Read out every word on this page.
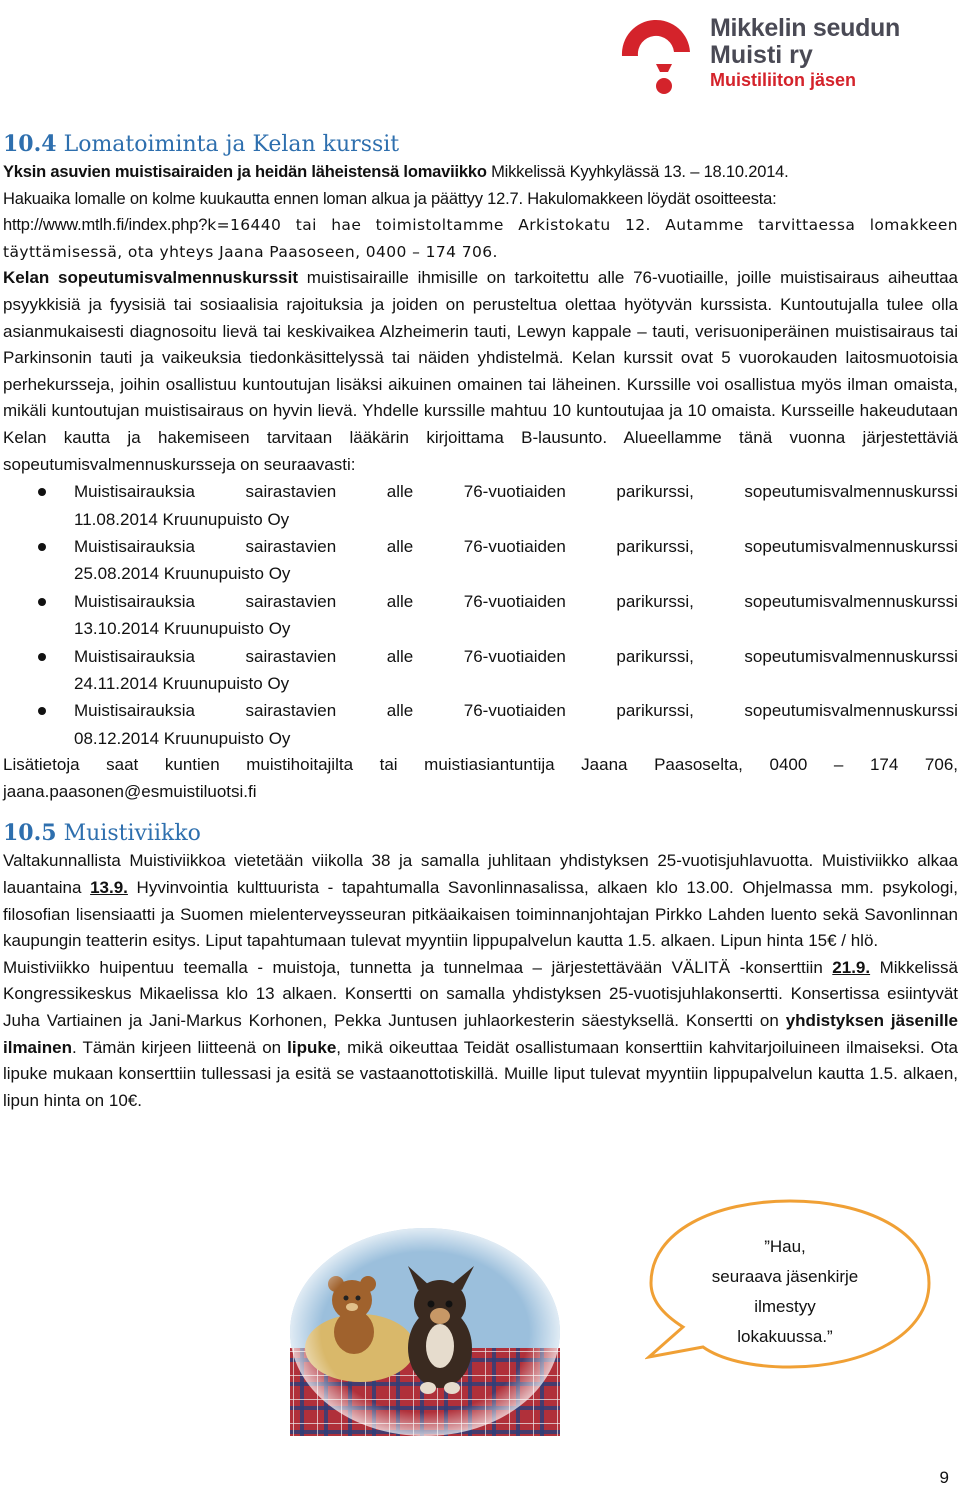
Mikkelin seudun
Muisti ry
Muistiliiton jäsen
10.4 Lomatoiminta ja Kelan kurssit

Yksin asuvien muistisairaiden ja heidän läheistensä lomaviikko Mikkelissä Kyyhkylässä 13. – 18.10.2014.

Hakuaika lomalle on kolme kuukautta ennen loman alkua ja päättyy 12.7. Hakulomakkeen löydät osoitteesta:

http://www.mtlh.fi/index.php?k=16440 tai hae toimistoltamme Arkistokatu 12. Autamme tarvittaessa lomakkeen täyttämisessä, ota yhteys Jaana Paasoseen, 0400 – 174 706.

Kelan sopeutumisvalmennuskurssit muistisairaille ihmisille on tarkoitettu alle 76-vuotiaille, joille muistisairaus aiheuttaa psyykkisiä ja fyysisiä tai sosiaalisia rajoituksia ja joiden on perusteltua olettaa hyötyvän kurssista. Kuntoutujalla tulee olla asianmukaisesti diagnosoitu lievä tai keskivaikea Alzheimerin tauti, Lewyn kappale – tauti, verisuoniperäinen muistisairaus tai Parkinsonin tauti ja vaikeuksia tiedonkäsittelyssä tai näiden yhdistelmä. Kelan kurssit ovat 5 vuorokauden laitosmuotoisia perhekursseja, joihin osallistuu kuntoutujan lisäksi aikuinen omainen tai läheinen. Kurssille voi osallistua myös ilman omaista, mikäli kuntoutujan muistisairaus on hyvin lievä. Yhdelle kurssille mahtuu 10 kuntoutujaa ja 10 omaista. Kursseille hakeudutaan Kelan kautta ja hakemiseen tarvitaan lääkärin kirjoittama B-lausunto. Alueellamme tänä vuonna järjestettäviä sopeutumisvalmennuskursseja on seuraavasti:

Muistisairauksia	sairastavien	alle	76-vuotiaiden	parikurssi,	sopeutumisvalmennuskurssi
11.08.2014 Kruunupuisto Oy
Muistisairauksia	sairastavien	alle	76-vuotiaiden	parikurssi,	sopeutumisvalmennuskurssi
25.08.2014 Kruunupuisto Oy
Muistisairauksia	sairastavien	alle	76-vuotiaiden	parikurssi,	sopeutumisvalmennuskurssi
13.10.2014 Kruunupuisto Oy
Muistisairauksia	sairastavien	alle	76-vuotiaiden	parikurssi,	sopeutumisvalmennuskurssi
24.11.2014 Kruunupuisto Oy
Muistisairauksia	sairastavien	alle	76-vuotiaiden	parikurssi,	sopeutumisvalmennuskurssi
08.12.2014 Kruunupuisto Oy

Lisätietoja saat kuntien muistihoitajilta tai muistiasiantuntija Jaana Paasoselta, 0400 – 174 706, jaana.paasonen@esmuistiluotsi.fi

10.5 Muistiviikko

Valtakunnallista Muistiviikkoa vietetään viikolla 38 ja samalla juhlitaan yhdistyksen 25-vuotisjuhlavuotta. Muistiviikko alkaa lauantaina 13.9. Hyvinvointia kulttuurista - tapahtumalla Savonlinnasalissa, alkaen klo 13.00. Ohjelmassa mm. psykologi, filosofian lisensiaatti ja Suomen mielenterveysseuran pitkäaikaisen toiminnanjohtajan Pirkko Lahden luento sekä Savonlinnan kaupungin teatterin esitys. Liput tapahtumaan tulevat myyntiin lippupalvelun kautta 1.5. alkaen. Lipun hinta 15€ / hlö.

Muistiviikko huipentuu teemalla - muistoja, tunnetta ja tunnelmaa – järjestettävään VÄLITÄ -konserttiin 21.9. Mikkelissä Kongressikeskus Mikaelissa klo 13 alkaen. Konsertti on samalla yhdistyksen 25-vuotisjuhlakonsertti. Konsertissa esiintyvät Juha Vartiainen ja Jani-Markus Korhonen, Pekka Juntusen juhlaorkesterin säestyksellä. Konsertti on yhdistyksen jäsenille ilmainen. Tämän kirjeen liitteenä on lipuke, mikä oikeuttaa Teidät osallistumaan konserttiin kahvitarjoiluineen ilmaiseksi. Ota lipuke mukaan konserttiin tullessasi ja esitä se vastaanottotiskillä. Muille liput tulevat myyntiin lippupalvelun kautta 1.5. alkaen, lipun hinta on 10€.

”Hau,
seuraava jäsenkirje
ilmestyy
lokakuussa.”
9
